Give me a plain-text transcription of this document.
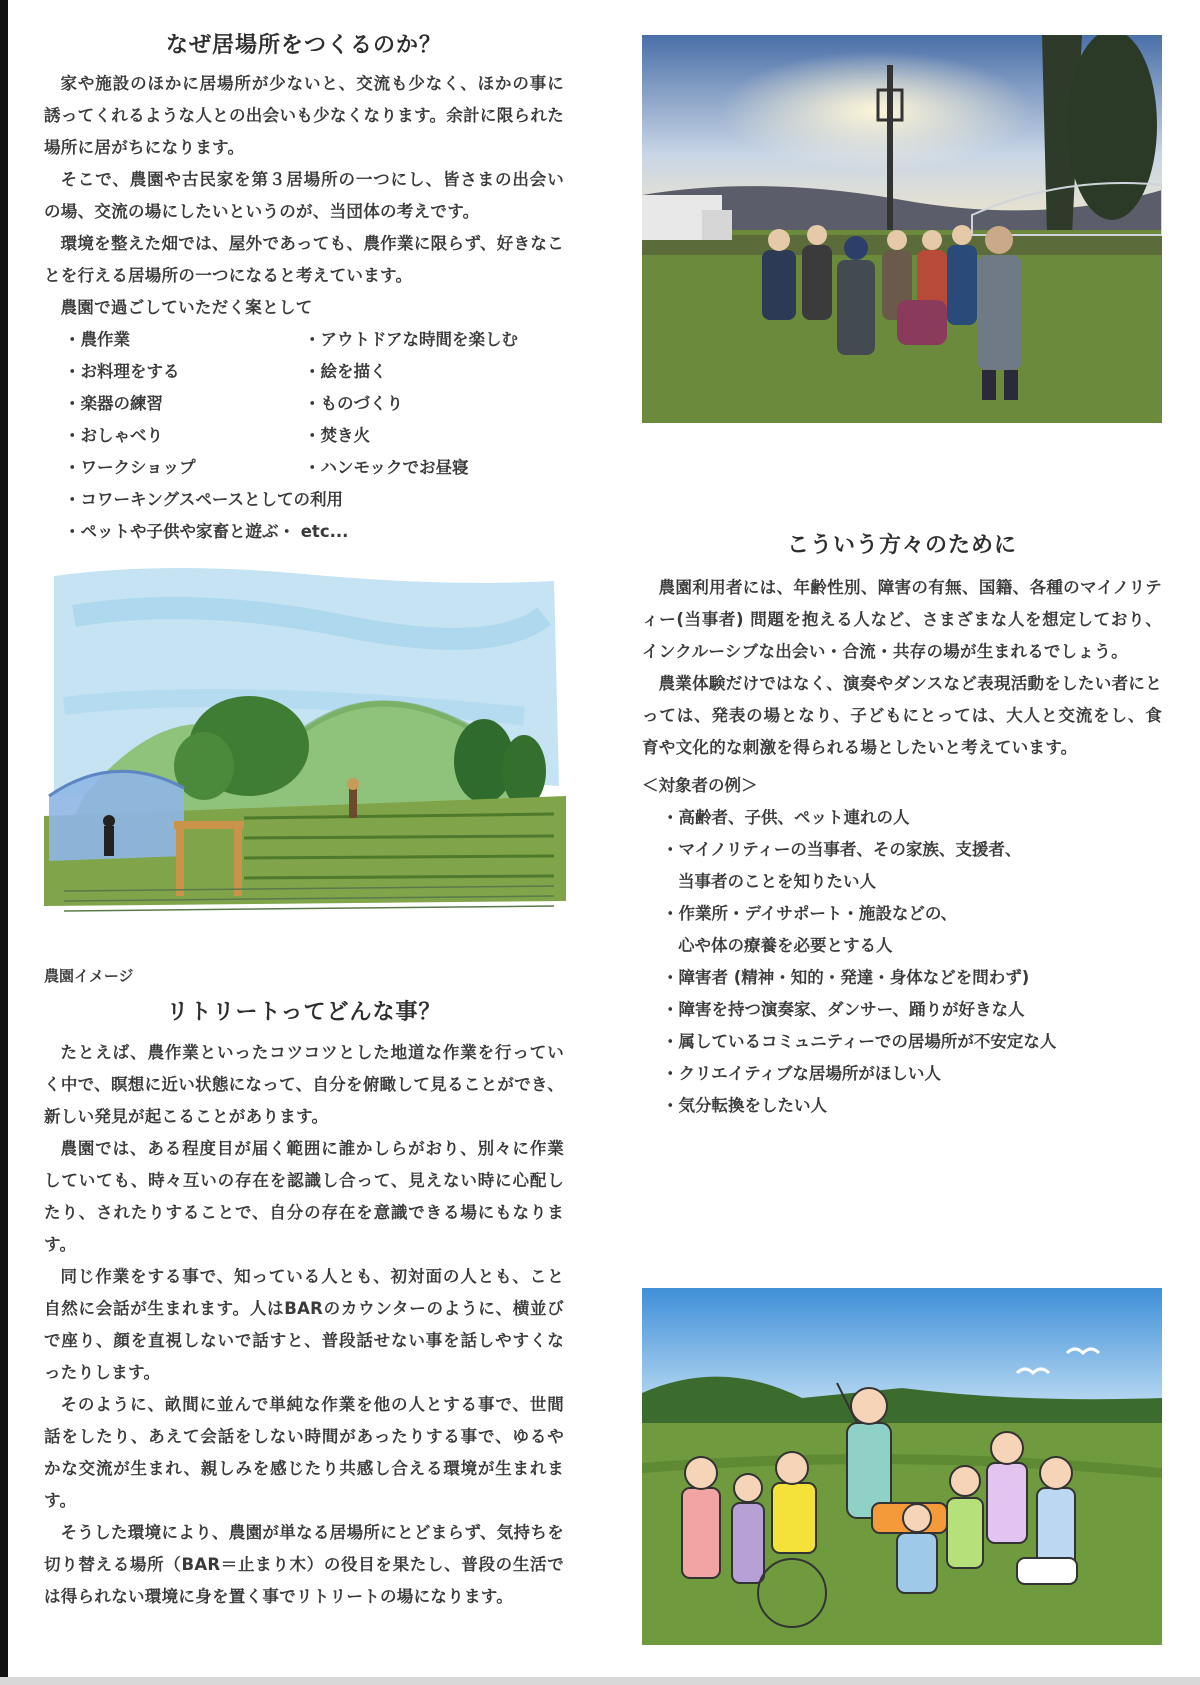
なぜ居場所をつくるのか？

家や施設のほかに居場所が少ないと、交流も少なく、ほかの事に誘ってくれるような人との出会いも少なくなります。余計に限られた場所に居がちになります。

そこで、農園や古民家を第３居場所の一つにし、皆さまの出会いの場、交流の場にしたいというのが、当団体の考えです。

環境を整えた畑では、屋外であっても、農作業に限らず、好きなことを行える居場所の一つになると考えています。

農園で過ごしていただく案として

・農作業	・アウトドアな時間を楽しむ
・お料理をする	・絵を描く
・楽器の練習	・ものづくり
・おしゃべり	・焚き火
・ワークショップ	・ハンモックでお昼寝
・コワーキングスペースとしての利用
・ペットや子供や家畜と遊ぶ・ etc...
農園イメージ
リトリートってどんな事？

たとえば、農作業といったコツコツとした地道な作業を行っていく中で、瞑想に近い状態になって、自分を俯瞰して見ることができ、新しい発見が起こることがあります。

農園では、ある程度目が届く範囲に誰かしらがおり、別々に作業していても、時々互いの存在を認識し合って、見えない時に心配したり、されたりすることで、自分の存在を意識できる場にもなります。

同じ作業をする事で、知っている人とも、初対面の人とも、こと自然に会話が生まれます。人はBARのカウンターのように、横並びで座り、顔を直視しないで話すと、普段話せない事を話しやすくなったりします。

そのように、畝間に並んで単純な作業を他の人とする事で、世間話をしたり、あえて会話をしない時間があったりする事で、ゆるやかな交流が生まれ、親しみを感じたり共感し合える環境が生まれます。

そうした環境により、農園が単なる居場所にとどまらず、気持ちを切り替える場所（BAR＝止まり木）の役目を果たし、普段の生活では得られない環境に身を置く事でリトリートの場になります。

こういう方々のために

農園利用者には、年齢性別、障害の有無、国籍、各種のマイノリティー(当事者) 問題を抱える人など、さまざまな人を想定しており、インクルーシブな出会い・合流・共存の場が生まれるでしょう。

農業体験だけではなく、演奏やダンスなど表現活動をしたい者にとっては、発表の場となり、子どもにとっては、大人と交流をし、食育や文化的な刺激を得られる場としたいと考えています。

＜対象者の例＞

・高齢者、子供、ペット連れの人
・マイノリティーの当事者、その家族、支援者、
当事者のことを知りたい人
・作業所・デイサポート・施設などの、
心や体の療養を必要とする人
・障害者 (精神・知的・発達・身体などを問わず)
・障害を持つ演奏家、ダンサー、踊りが好きな人
・属しているコミュニティーでの居場所が不安定な人
・クリエイティブな居場所がほしい人
・気分転換をしたい人
